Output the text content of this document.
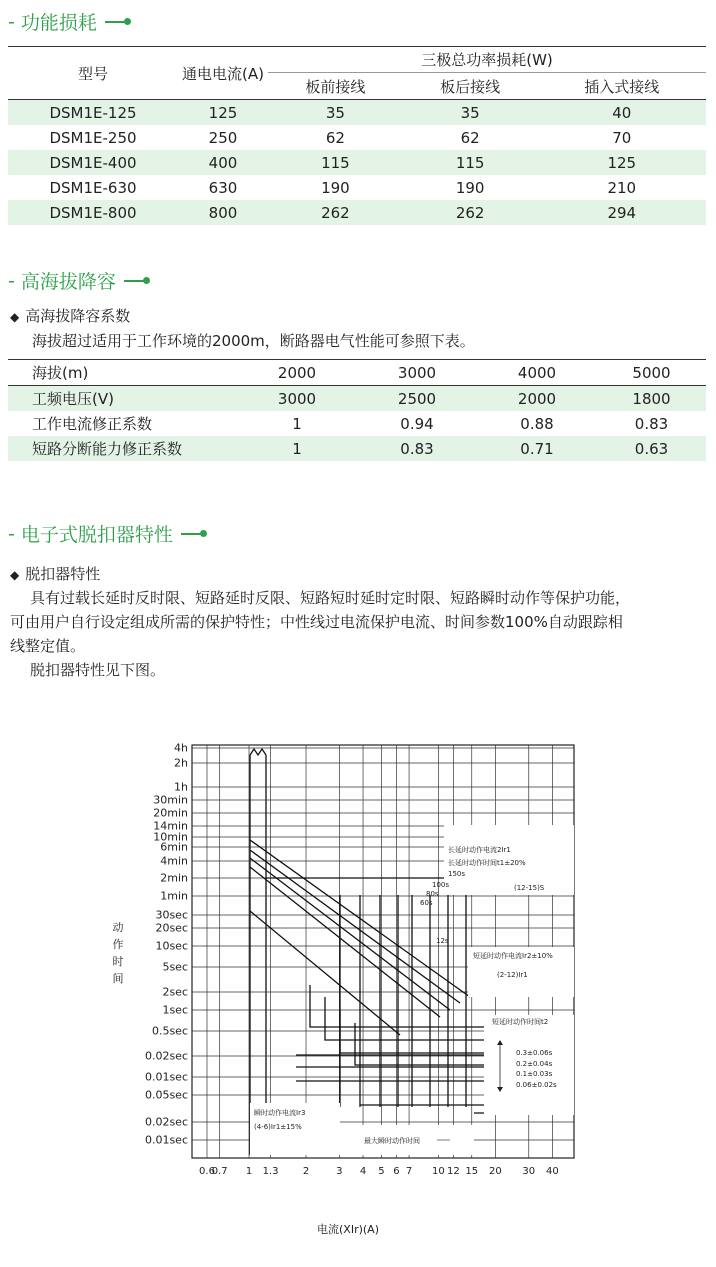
- 功能损耗
型号	通电电流(A)	三极总功率损耗(W)		
		板前接线	板后接线	插入式接线
DSM1E-125	125	35	35	40
DSM1E-250	250	62	62	70
DSM1E-400	400	115	115	125
DSM1E-630	630	190	190	210
DSM1E-800	800	262	262	294
- 高海拔降容
◆ 高海拔降容系数
海拔超过适用于工作环境的2000m，断路器电气性能可参照下表。
海拔(m)	2000	3000	4000	5000
工频电压(V)	3000	2500	2000	1800
工作电流修正系数	1	0.94	0.88	0.83
短路分断能力修正系数	1	0.83	0.71	0.63
- 电子式脱扣器特性
◆ 脱扣器特性
具有过载长延时反时限、短路延时反限、短路短时延时定时限、短路瞬时动作等保护功能，
可由用户自行设定组成所需的保护特性；中性线过电流保护电流、时间参数100%自动跟踪相
线整定值。
脱扣器特性见下图。
4h
2h
1h
30min
20min
14min
10min
6min
4min
2min
1min
30sec
20sec
10sec
5sec
2sec
1sec
0.5sec
0.02sec
0.01sec
0.05sec
0.02sec
0.01sec
0.6
0.7 1 1.3 2	3 4 5 6 7 10 12 15 20 30 40
动
作
时
间
电流(XIr)(A)
长延时动作电流2Ir1
长延时动作时间t1±20%
150s
100s
80s
60s
(12-15)S
12s
短延时动作电流Ir2±10%
(2-12)Ir1
短延时动作时间t2
0.3±0.06s
0.2±0.04s
0.1±0.03s
0.06±0.02s
瞬时动作电流Ir3
(4-6)Ir1±15%
最大瞬时动作时间
